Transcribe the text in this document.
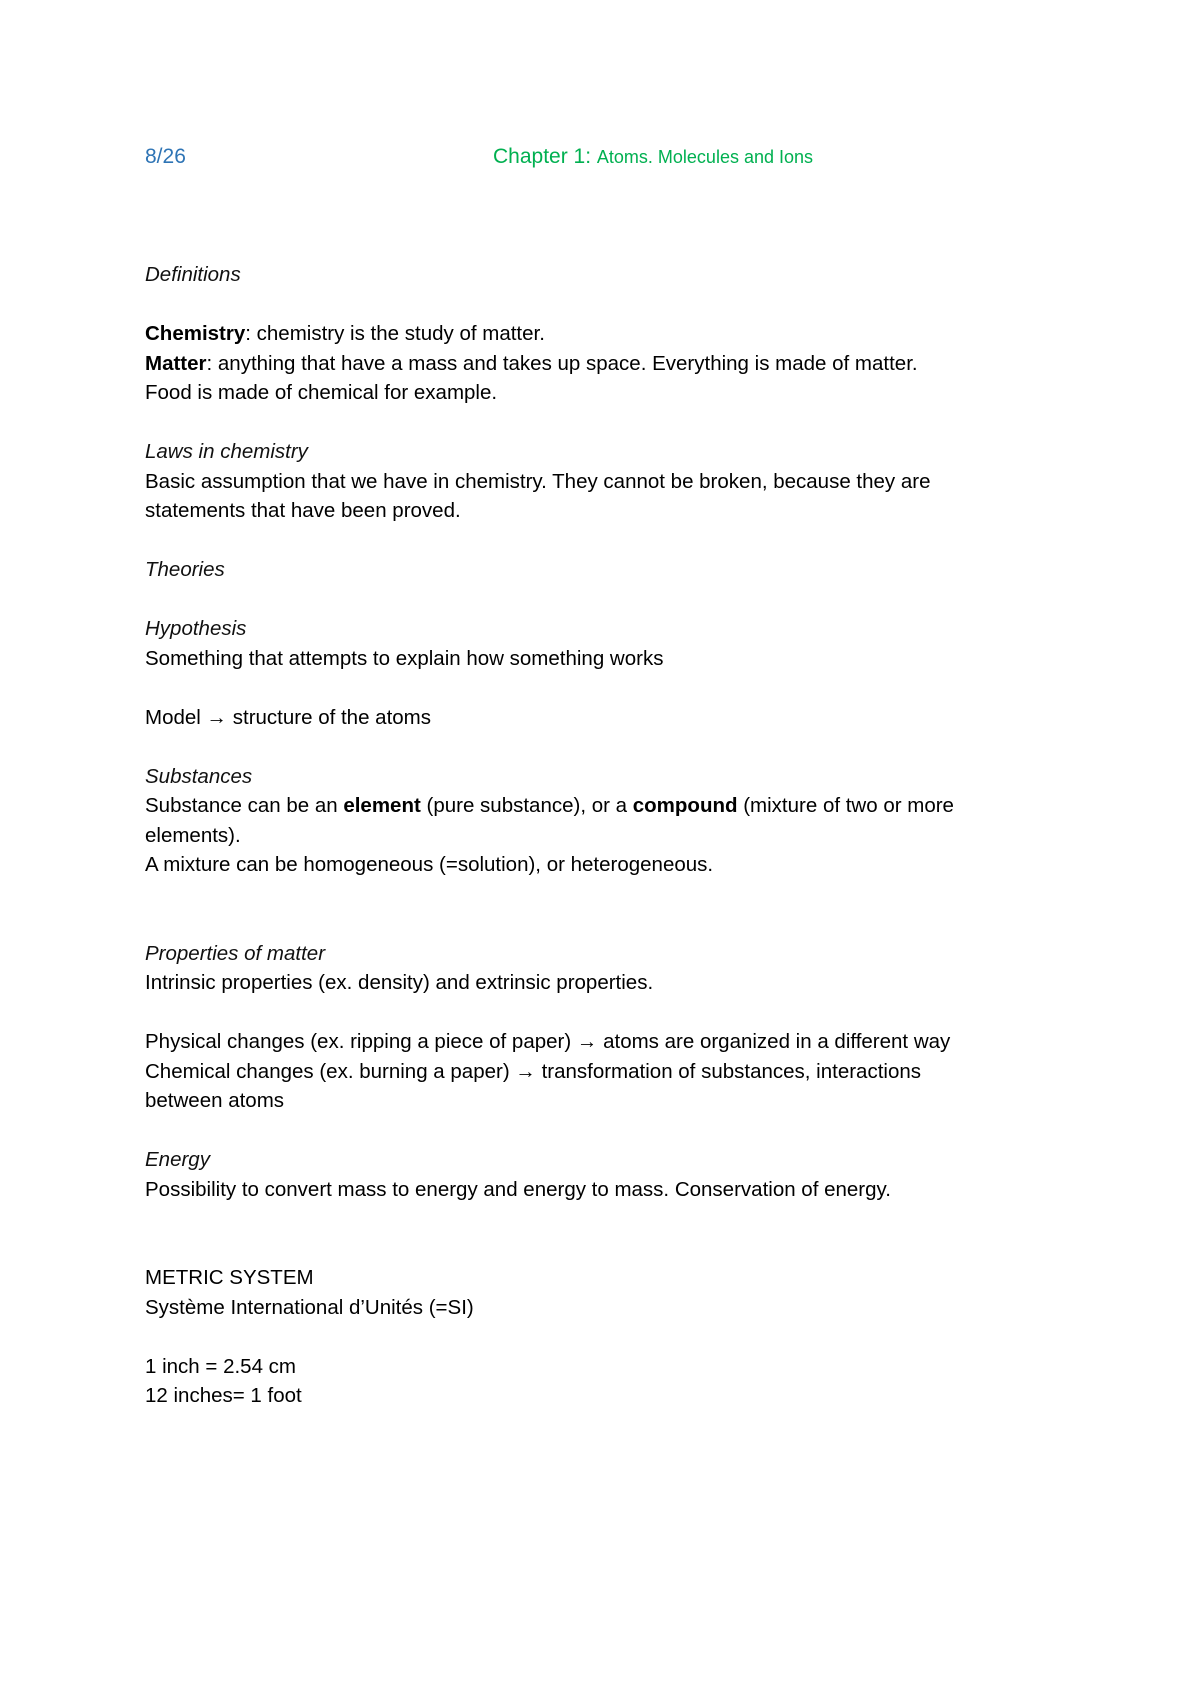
8/26	Chapter 1: Atoms. Molecules and Ions

Definitions

Chemistry: chemistry is the study of matter.

Matter: anything that have a mass and takes up space. Everything is made of matter.

Food is made of chemical for example.

Laws in chemistry

Basic assumption that we have in chemistry. They cannot be broken, because they are

statements that have been proved.

Theories

Hypothesis

Something that attempts to explain how something works

Model → structure of the atoms

Substances

Substance can be an element (pure substance), or a compound (mixture of two or more

elements).

A mixture can be homogeneous (=solution), or heterogeneous.

Properties of matter

Intrinsic properties (ex. density) and extrinsic properties.

Physical changes (ex. ripping a piece of paper) → atoms are organized in a different way

Chemical changes (ex. burning a paper) → transformation of substances, interactions

between atoms

Energy

Possibility to convert mass to energy and energy to mass. Conservation of energy.

METRIC SYSTEM

Système International d’Unités (=SI)

1 inch = 2.54 cm

12 inches= 1 foot
